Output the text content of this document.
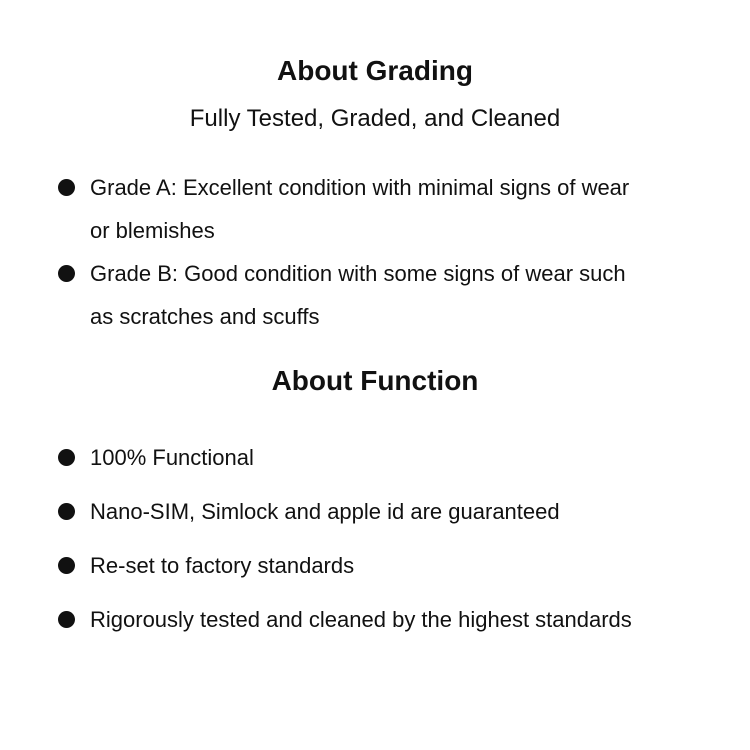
About Grading

Fully Tested, Graded, and Cleaned

Grade A: Excellent condition with minimal signs of wear or blemishes
Grade B: Good condition with some signs of wear such as scratches and scuffs
About Function
100% Functional
Nano-SIM, Simlock and apple id are guaranteed
Re-set to factory standards
Rigorously tested and cleaned by the highest standards
